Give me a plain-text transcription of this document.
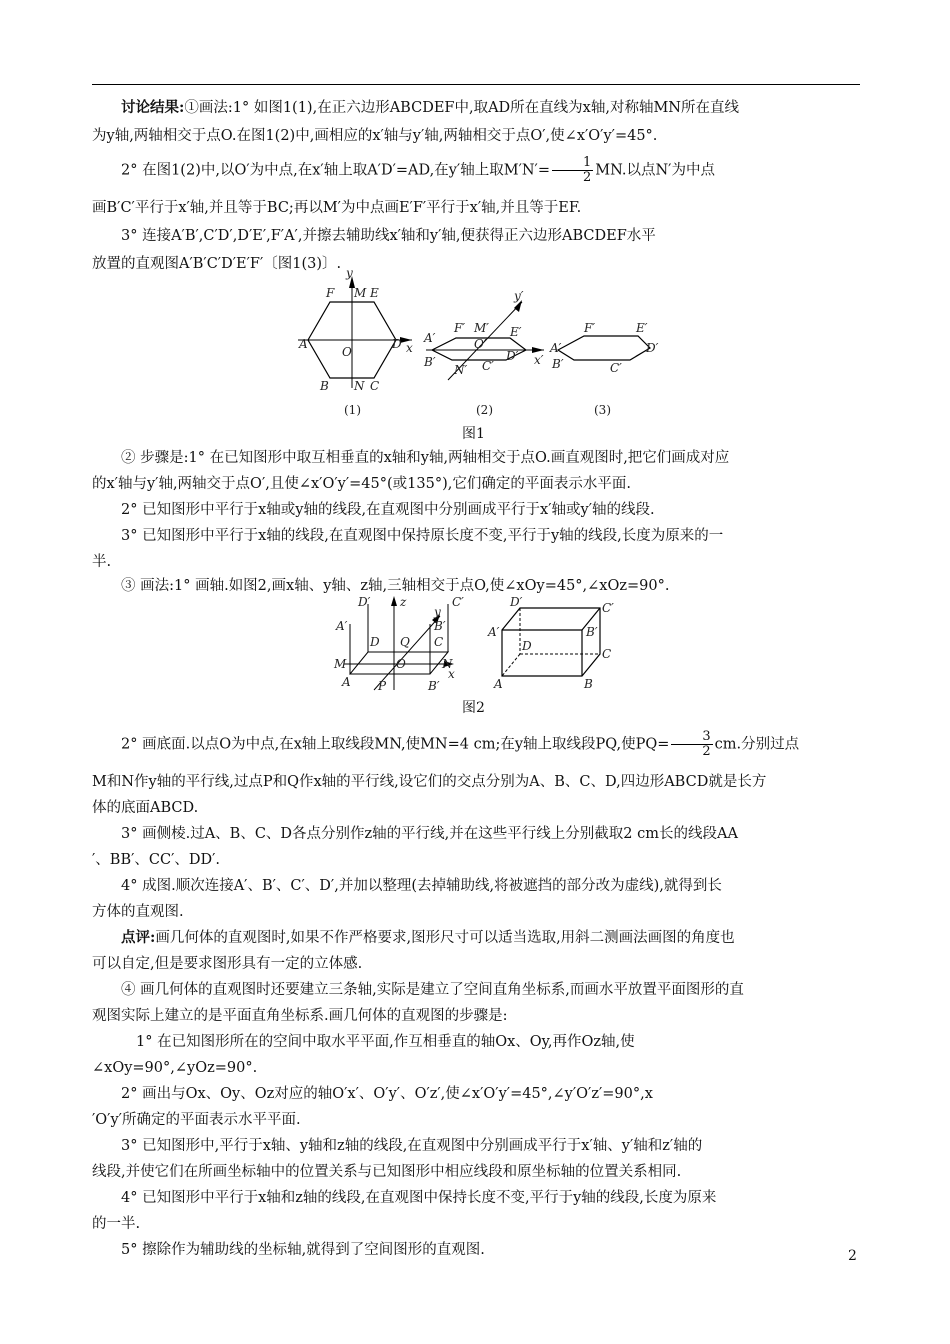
讨论结果:①画法:1° 如图1(1),在正六边形ABCDEF中,取AD所在直线为x轴,对称轴MN所在直线
为y轴,两轴相交于点O.在图1(2)中,画相应的x′轴与y′轴,两轴相交于点O′,使∠x′O′y′=45°.
2° 在图1(2)中,以O′为中点,在x′轴上取A′D′=AD,在y′轴上取$M'N'= \frac{1}{2}$ MN.以点N′为中点
画B′C′平行于x′轴,并且等于BC;再以M′为中点画E′F′平行于x′轴,并且等于EF.
3° 连接A′B′,C′D′,D′E′,F′A′,并擦去辅助线x′轴和y′轴,便获得正六边形ABCDEF水平
放置的直观图A′B′C′D′E′F′〔图1(3)〕.
y
x
F M E
A
O
D
B N C
(1)
y′
x′
F′ M′ E′
A′	O′
D′
B′
N′ C′
(2)
F′	E′
A′	D′
B′	C′
(3)
图1
② 步骤是:1° 在已知图形中取互相垂直的x轴和y轴,两轴相交于点O.画直观图时,把它们画成对应
的x′轴与y′轴,两轴交于点O′,且使∠x′O′y′=45°(或135°),它们确定的平面表示水平面.
2° 已知图形中平行于x轴或y轴的线段,在直观图中分别画成平行于x′轴或y′轴的线段.
3° 已知图形中平行于x轴的线段,在直观图中保持原长度不变,平行于y轴的线段,长度为原来的一
半.
③ 画法:1° 画轴.如图2,画x轴、y轴、z轴,三轴相交于点O,使∠xOy=45°,∠xOz=90°.
D′ z
y
C′
A′	B′
D Q C
M	O	N
x
A P	B′
D′	C′
A′	B′
D
C
A	B
图2
2° 画底面.以点O为中点,在x轴上取线段MN,使MN=4 cm;在y轴上取线段PQ,使$PQ= \frac{3}{2}$ cm.分别过点
M和N作y轴的平行线,过点P和Q作x轴的平行线,设它们的交点分别为A、B、C、D,四边形ABCD就是长方
体的底面ABCD.
3° 画侧棱.过A、B、C、D各点分别作z轴的平行线,并在这些平行线上分别截取2 cm长的线段AA
′、BB′、CC′、DD′.
4° 成图.顺次连接A′、B′、C′、D′,并加以整理(去掉辅助线,将被遮挡的部分改为虚线),就得到长
方体的直观图.
点评:画几何体的直观图时,如果不作严格要求,图形尺寸可以适当选取,用斜二测画法画图的角度也
可以自定,但是要求图形具有一定的立体感.
④ 画几何体的直观图时还要建立三条轴,实际是建立了空间直角坐标系,而画水平放置平面图形的直
观图实际上建立的是平面直角坐标系.画几何体的直观图的步骤是:
1° 在已知图形所在的空间中取水平平面,作互相垂直的轴Ox、Oy,再作Oz轴,使
∠xOy=90°,∠yOz=90°.
2° 画出与Ox、Oy、Oz对应的轴O′x′、O′y′、O′z′,使∠x′O′y′=45°,∠y′O′z′=90°,x
′O′y′所确定的平面表示水平平面.
3° 已知图形中,平行于x轴、y轴和z轴的线段,在直观图中分别画成平行于x′轴、y′轴和z′轴的
线段,并使它们在所画坐标轴中的位置关系与已知图形中相应线段和原坐标轴的位置关系相同.
4° 已知图形中平行于x轴和z轴的线段,在直观图中保持长度不变,平行于y轴的线段,长度为原来
的一半.
5° 擦除作为辅助线的坐标轴,就得到了空间图形的直观图.	2
